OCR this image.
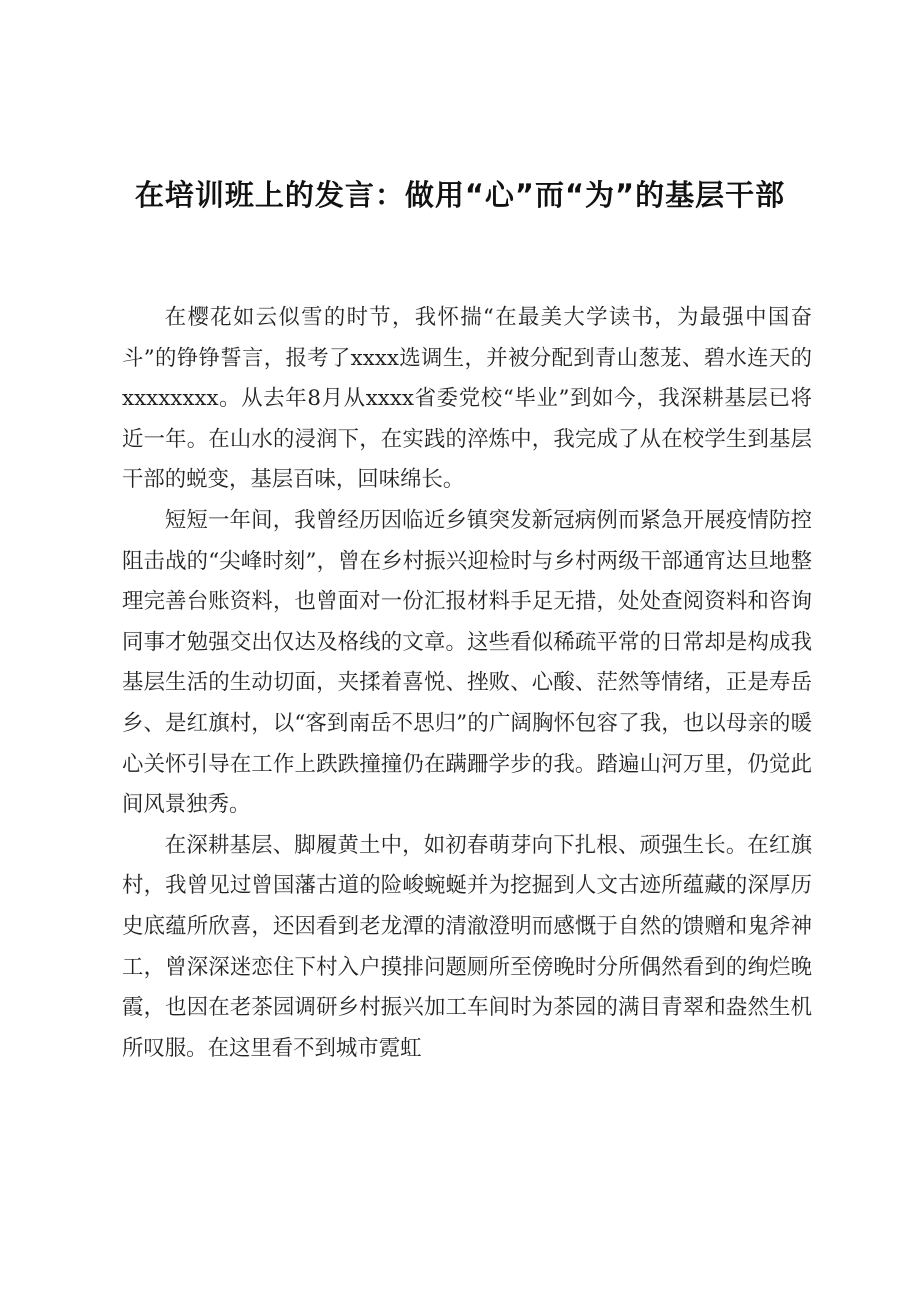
在培训班上的发言：做用“心”而“为”的基层干部

在樱花如云似雪的时节，我怀揣“在最美大学读书，为最强中国奋斗”的铮铮誓言，报考了xxxx选调生，并被分配到青山葱茏、碧水连天的xxxxxxxx。从去年8月从xxxx省委党校“毕业”到如今，我深耕基层已将近一年。在山水的浸润下，在实践的淬炼中，我完成了从在校学生到基层干部的蜕变，基层百味，回味绵长。

短短一年间，我曾经历因临近乡镇突发新冠病例而紧急开展疫情防控阻击战的“尖峰时刻”，曾在乡村振兴迎检时与乡村两级干部通宵达旦地整理完善台账资料，也曾面对一份汇报材料手足无措，处处查阅资料和咨询同事才勉强交出仅达及格线的文章。这些看似稀疏平常的日常却是构成我基层生活的生动切面，夹揉着喜悦、挫败、心酸、茫然等情绪，正是寿岳乡、是红旗村，以“客到南岳不思归”的广阔胸怀包容了我，也以母亲的暖心关怀引导在工作上跌跌撞撞仍在蹒跚学步的我。踏遍山河万里，仍觉此间风景独秀。

在深耕基层、脚履黄土中，如初春萌芽向下扎根、顽强生长。在红旗村，我曾见过曾国藩古道的险峻蜿蜒并为挖掘到人文古迹所蕴藏的深厚历史底蕴所欣喜，还因看到老龙潭的清澈澄明而感慨于自然的馈赠和鬼斧神工，曾深深迷恋住下村入户摸排问题厕所至傍晚时分所偶然看到的绚烂晚霞，也因在老茶园调研乡村振兴加工车间时为茶园的满目青翠和盎然生机所叹服。在这里看不到城市霓虹
